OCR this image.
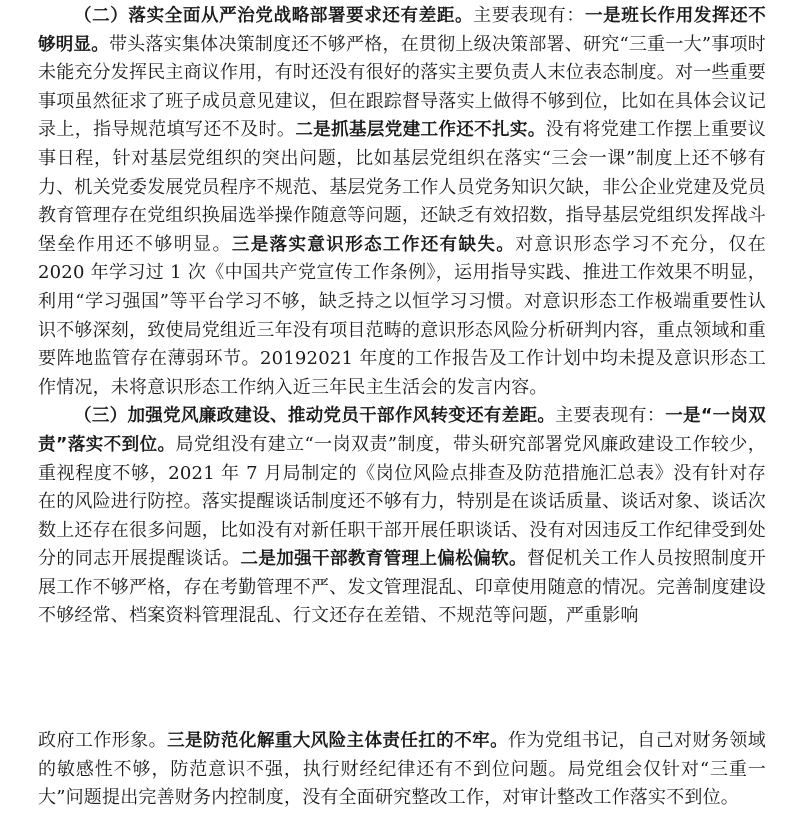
（二）落实全面从严治党战略部署要求还有差距。主要表现有：一是班长作用发挥还不够明显。带头落实集体决策制度还不够严格，在贯彻上级决策部署、研究“三重一大”事项时未能充分发挥民主商议作用，有时还没有很好的落实主要负责人末位表态制度。对一些重要事项虽然征求了班子成员意见建议，但在跟踪督导落实上做得不够到位，比如在具体会议记录上，指导规范填写还不及时。二是抓基层党建工作还不扎实。没有将党建工作摆上重要议事日程，针对基层党组织的突出问题，比如基层党组织在落实“三会一课”制度上还不够有力、机关党委发展党员程序不规范、基层党务工作人员党务知识欠缺，非公企业党建及党员教育管理存在党组织换届选举操作随意等问题，还缺乏有效招数，指导基层党组织发挥战斗堡垒作用还不够明显。三是落实意识形态工作还有缺失。对意识形态学习不充分，仅在 2020 年学习过 1 次《中国共产党宣传工作条例》，运用指导实践、推进工作效果不明显，利用“学习强国”等平台学习不够，缺乏持之以恒学习习惯。对意识形态工作极端重要性认识不够深刻，致使局党组近三年没有项目范畴的意识形态风险分析研判内容，重点领域和重要阵地监管存在薄弱环节。20192021 年度的工作报告及工作计划中均未提及意识形态工作情况，未将意识形态工作纳入近三年民主生活会的发言内容。

（三）加强党风廉政建设、推动党员干部作风转变还有差距。主要表现有：一是“一岗双责”落实不到位。局党组没有建立“一岗双责”制度，带头研究部署党风廉政建设工作较少，重视程度不够，2021 年 7 月局制定的《岗位风险点排查及防范措施汇总表》没有针对存在的风险进行防控。落实提醒谈话制度还不够有力，特别是在谈话质量、谈话对象、谈话次数上还存在很多问题，比如没有对新任职干部开展任职谈话、没有对因违反工作纪律受到处分的同志开展提醒谈话。二是加强干部教育管理上偏松偏软。督促机关工作人员按照制度开展工作不够严格，存在考勤管理不严、发文管理混乱、印章使用随意的情况。完善制度建设不够经常、档案资料管理混乱、行文还存在差错、不规范等问题，严重影响

政府工作形象。三是防范化解重大风险主体责任扛的不牢。作为党组书记，自己对财务领域的敏感性不够，防范意识不强，执行财经纪律还有不到位问题。局党组会仅针对“三重一大”问题提出完善财务内控制度，没有全面研究整改工作，对审计整改工作落实不到位。
